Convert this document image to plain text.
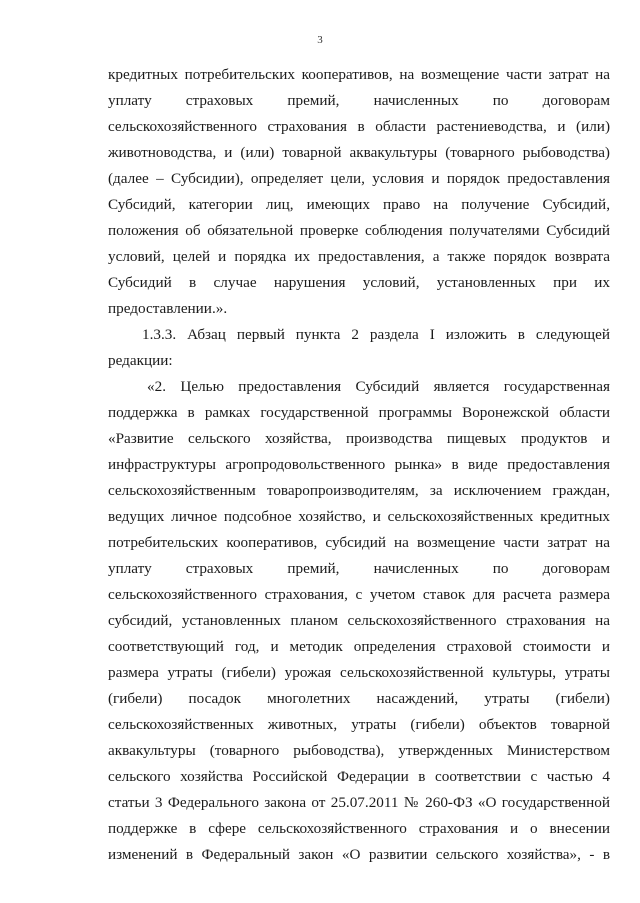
3
кредитных потребительских кооперативов, на возмещение части затрат на
уплату страховых премий, начисленных по договорам
сельскохозяйственного страхования в области растениеводства, и (или)
животноводства, и (или) товарной аквакультуры (товарного рыбоводства)
(далее – Субсидии), определяет цели, условия и порядок предоставления
Субсидий, категории лиц, имеющих право на получение Субсидий,
положения об обязательной проверке соблюдения получателями Субсидий
условий, целей и порядка их предоставления, а также порядок возврата
Субсидий в случае нарушения условий, установленных при их
предоставлении.».
1.3.3. Абзац первый пункта 2 раздела I изложить в следующей
редакции:
«2. Целью предоставления Субсидий является государственная
поддержка в рамках государственной программы Воронежской области
«Развитие сельского хозяйства, производства пищевых продуктов и
инфраструктуры агропродовольственного рынка» в виде предоставления
сельскохозяйственным товаропроизводителям, за исключением граждан,
ведущих личное подсобное хозяйство, и сельскохозяйственных кредитных
потребительских кооперативов, субсидий на возмещение части затрат на
уплату страховых премий, начисленных по договорам
сельскохозяйственного страхования, с учетом ставок для расчета размера
субсидий, установленных планом сельскохозяйственного страхования на
соответствующий год, и методик определения страховой стоимости и
размера утраты (гибели) урожая сельскохозяйственной культуры, утраты
(гибели) посадок многолетних насаждений, утраты (гибели)
сельскохозяйственных животных, утраты (гибели) объектов товарной
аквакультуры (товарного рыбоводства), утвержденных Министерством
сельского хозяйства Российской Федерации в соответствии с частью 4
статьи 3 Федерального закона от 25.07.2011 № 260-ФЗ «О государственной
поддержке в сфере сельскохозяйственного страхования и о внесении
изменений в Федеральный закон «О развитии сельского хозяйства», - в
